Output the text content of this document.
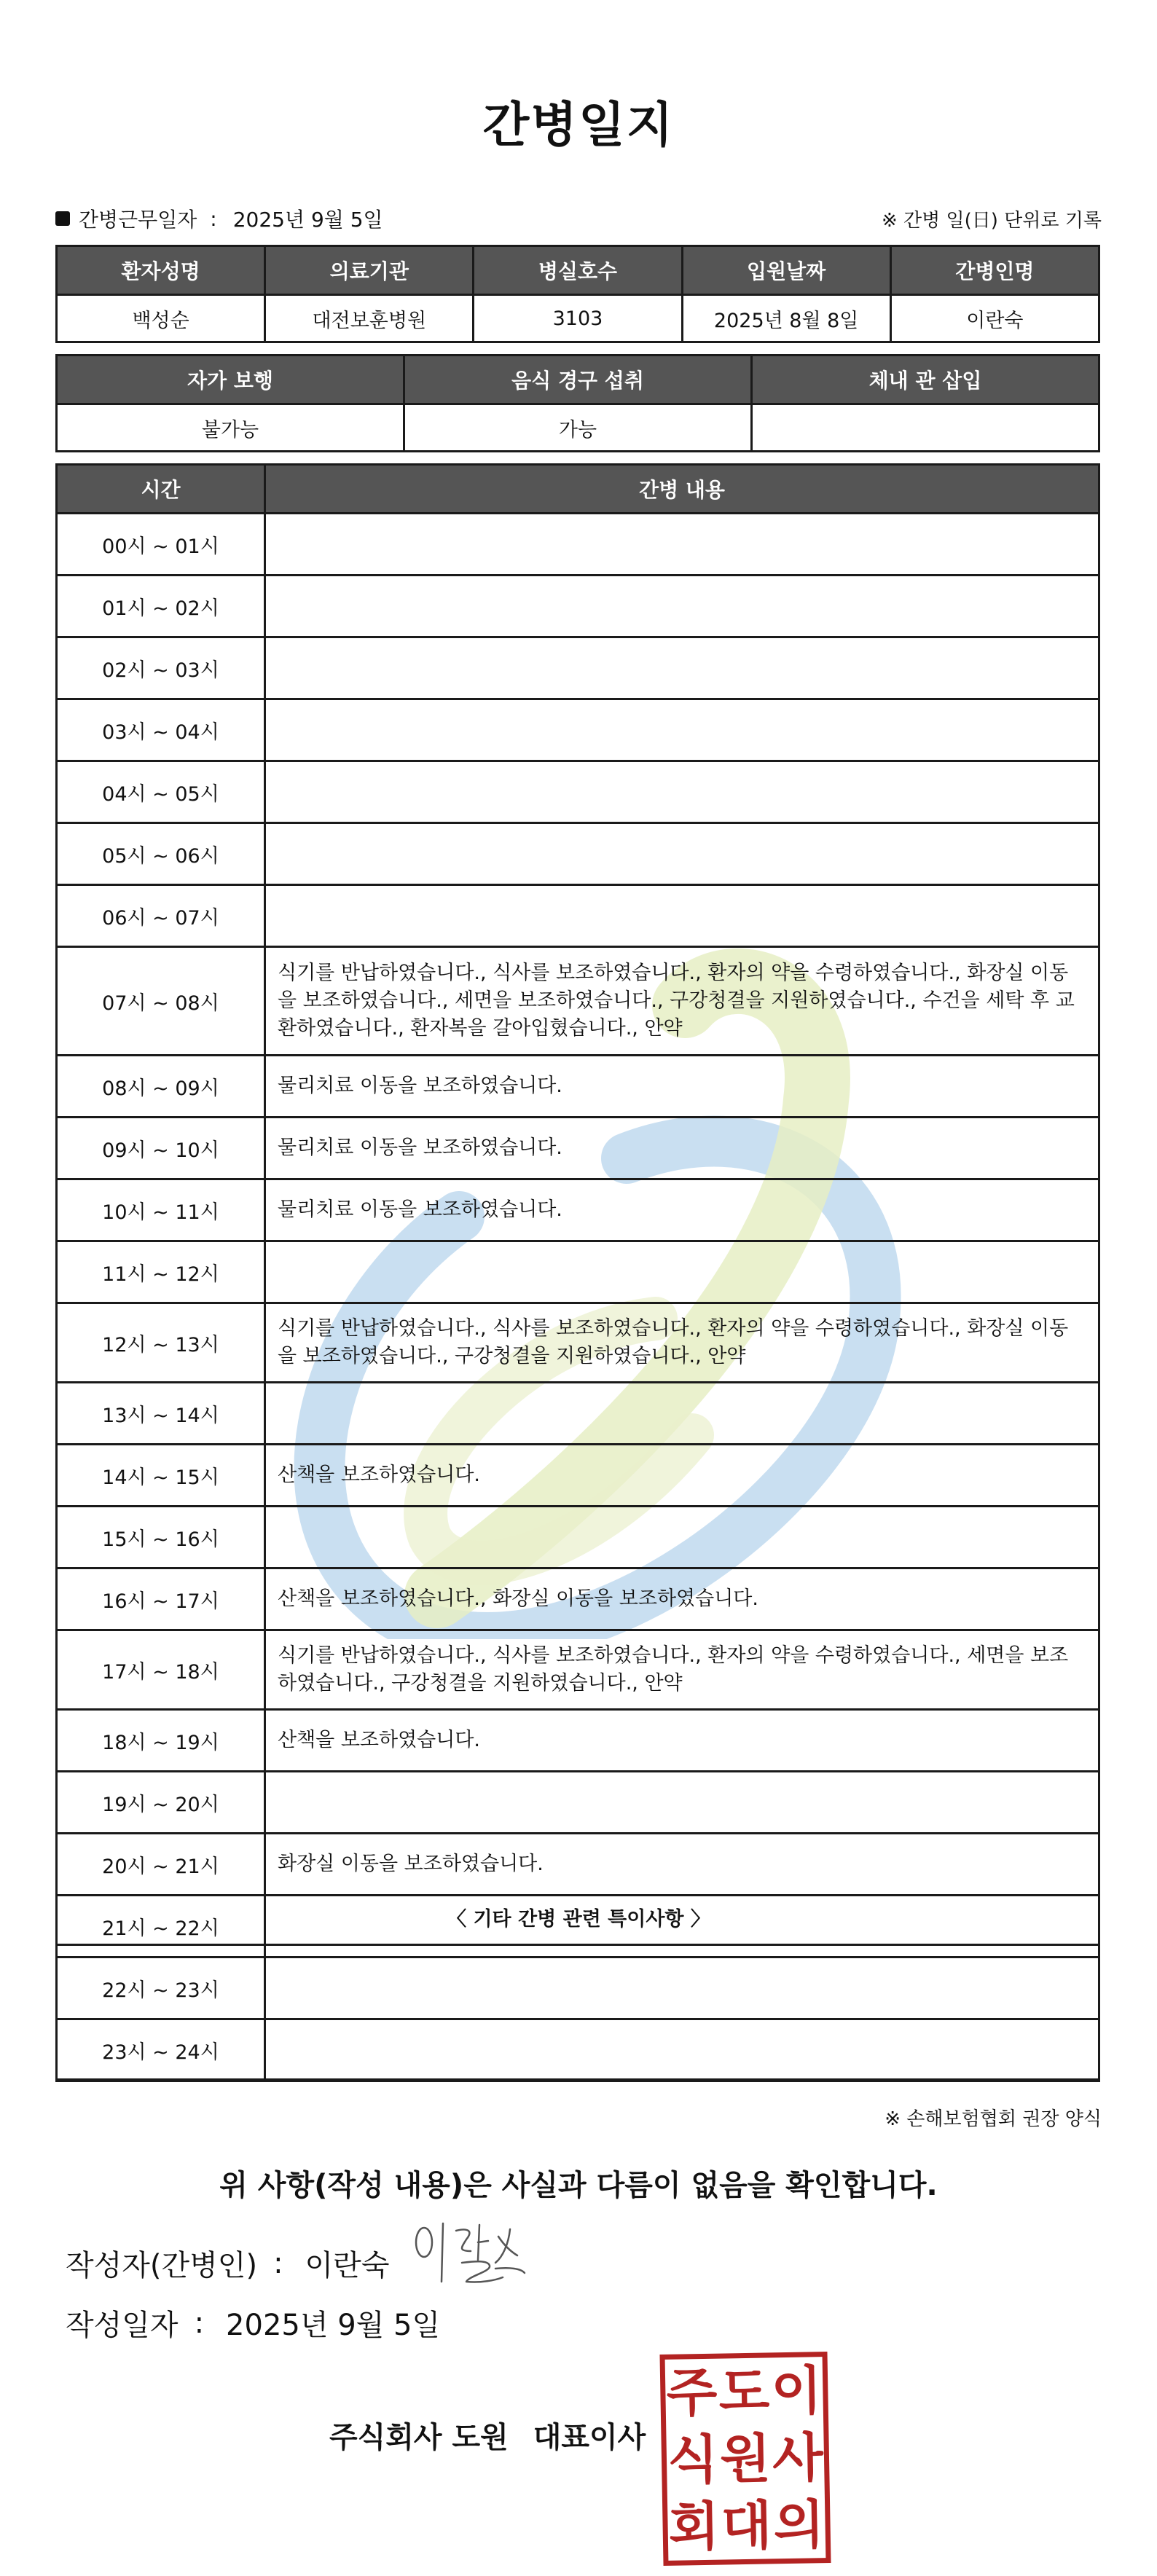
간병일지
간병근무일자 : 2025년 9월 5일	※ 간병 일(日) 단위로 기록
환자성명	의료기관	병실호수	입원날짜	간병인명
백성순	대전보훈병원	3103	2025년 8월 8일	이란숙
자가 보행	음식 경구 섭취	체내 관 삽입
불가능	가능	
시간	간병 내용
00시 ~ 01시	
01시 ~ 02시	
02시 ~ 03시	
03시 ~ 04시	
04시 ~ 05시	
05시 ~ 06시	
06시 ~ 07시	
07시 ~ 08시	식기를 반납하였습니다., 식사를 보조하였습니다., 환자의 약을 수령하였습니다., 화장실 이동을 보조하였습니다., 세면을 보조하였습니다., 구강청결을 지원하였습니다., 수건을 세탁 후 교환하였습니다., 환자복을 갈아입혔습니다., 안약
08시 ~ 09시	물리치료 이동을 보조하였습니다.
09시 ~ 10시	물리치료 이동을 보조하였습니다.
10시 ~ 11시	물리치료 이동을 보조하였습니다.
11시 ~ 12시	
12시 ~ 13시	식기를 반납하였습니다., 식사를 보조하였습니다., 환자의 약을 수령하였습니다., 화장실 이동을 보조하였습니다., 구강청결을 지원하였습니다., 안약
13시 ~ 14시	
14시 ~ 15시	산책을 보조하였습니다.
15시 ~ 16시	
16시 ~ 17시	산책을 보조하였습니다., 화장실 이동을 보조하였습니다.
17시 ~ 18시	식기를 반납하였습니다., 식사를 보조하였습니다., 환자의 약을 수령하였습니다., 세면을 보조하였습니다., 구강청결을 지원하였습니다., 안약
18시 ~ 19시	산책을 보조하였습니다.
19시 ~ 20시	
20시 ~ 21시	화장실 이동을 보조하였습니다.
21시 ~ 22시	
22시 ~ 23시	
23시 ~ 24시	
〈 기타 간병 관련 특이사항 〉
※ 손해보험협회 권장 양식
위 사항(작성 내용)은 사실과 다름이 없음을 확인합니다.
작성자(간병인) : 이란숙
작성일자 : 2025년 9월 5일
주식회사 도원 대표이사
주 도 이
식 원 사
회 대 의
